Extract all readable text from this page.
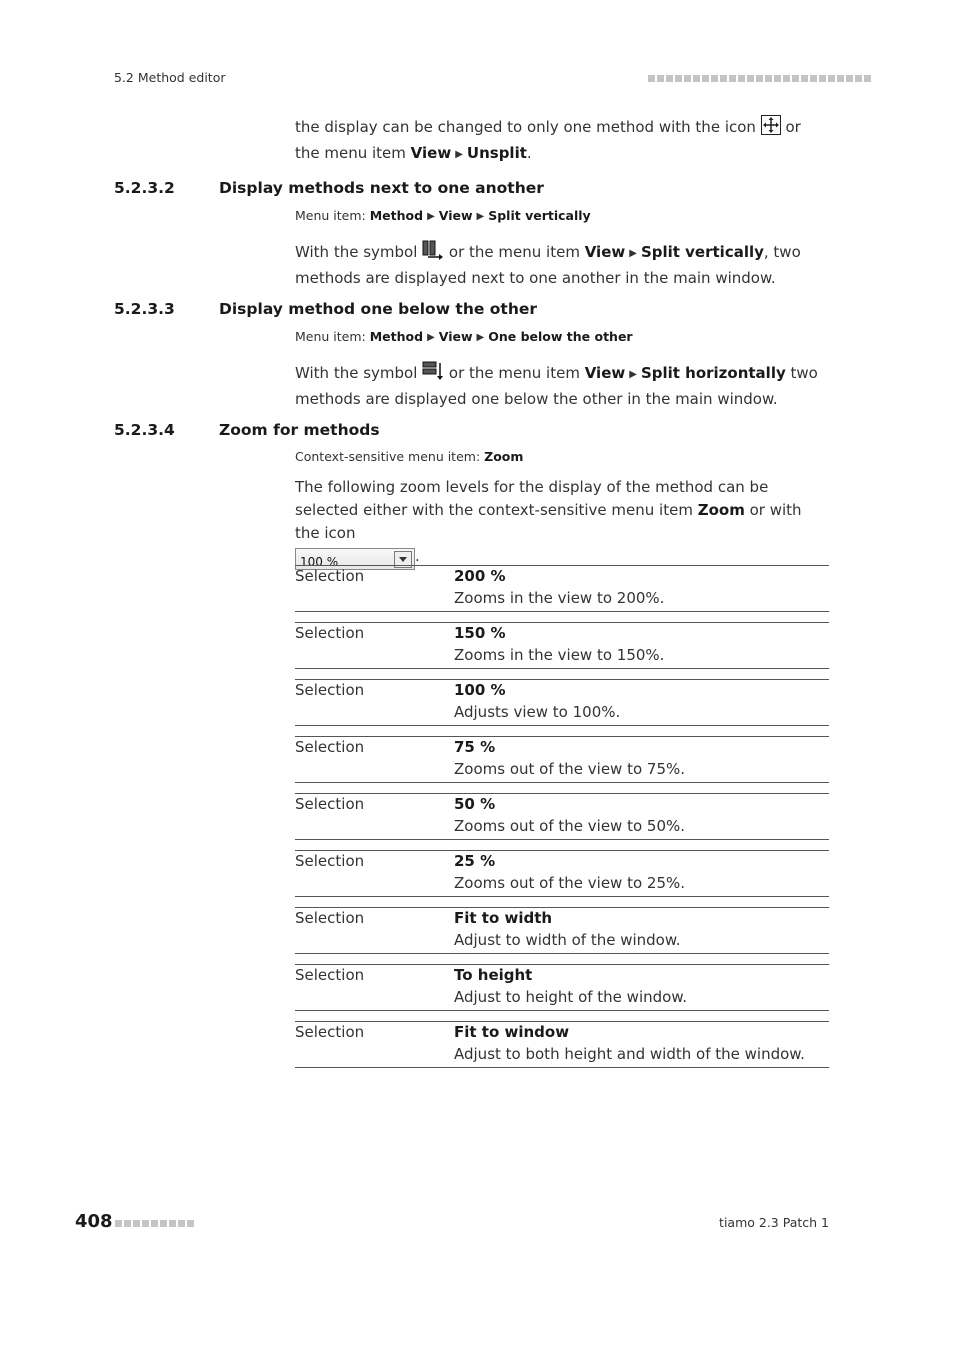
5.2 Method editor
the display can be changed to only one method with the icon  or the menu item View ▶ Unsplit.
5.2.3.2	Display methods next to one another
Menu item: Method ▶ View ▶ Split vertically
With the symbol  or the menu item View ▶ Split vertically, two methods are displayed next to one another in the main window.
5.2.3.3	Display method one below the other
Menu item: Method ▶ View ▶ One below the other
With the symbol  or the menu item View ▶ Split horizontally two methods are displayed one below the other in the main window.
5.2.3.4	Zoom for methods
Context-sensitive menu item: Zoom
The following zoom levels for the display of the method can be selected either with the context-sensitive menu item Zoom or with the icon

100 %	.
Selection	200 %
Zooms in the view to 200%.
Selection	150 %
Zooms in the view to 150%.
Selection	100 %
Adjusts view to 100%.
Selection	75 %
Zooms out of the view to 75%.
Selection	50 %
Zooms out of the view to 50%.
Selection	25 %
Zooms out of the view to 25%.
Selection	Fit to width
Adjust to width of the window.
Selection	To height
Adjust to height of the window.
Selection	Fit to window
Adjust to both height and width of the window.
408	tiamo 2.3 Patch 1
